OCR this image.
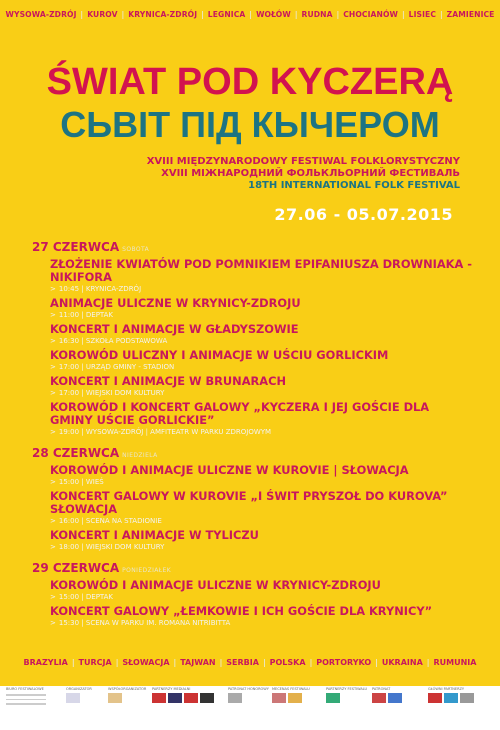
WYSOWA-ZDRÓJ | KUROV | KRYNICA-ZDRÓJ | LEGNICA | WOŁÓW | RUDNA | CHOCIANÓW | LISIEC | ZAMIENICE
ŚWIAT POD KYCZERĄ
СЬВІТ ПІД КЫЧЕРОМ
XVIII MIĘDZYNARODOWY FESTIWAL FOLKLORYSTYCZNY
XVIII МІЖНАРОДНИЙ ФОЛЬКЛЬОРНИЙ ФЕСТИВАЛЬ
18TH INTERNATIONAL FOLK FESTIVAL
27.06 - 05.07.2015
27 CZERWCA SOBOTA
ZŁOŻENIE KWIATÓW POD POMNIKIEM EPIFANIUSZA DROWNIAKA - NIKIFORA
> 10:45 | KRYNICA-ZDRÓJ
ANIMACJE ULICZNE W KRYNICY-ZDROJU
> 11:00 | DEPTAK
KONCERT I ANIMACJE W GŁADYSZOWIE
> 16:30 | SZKOŁA PODSTAWOWA
KOROWÓD ULICZNY I ANIMACJE W UŚCIU GORLICKIM
> 17:00 | URZĄD GMINY - STADION
KONCERT I ANIMACJE W BRUNARACH
> 17:00 | WIEJSKI DOM KULTURY
KOROWÓD I KONCERT GALOWY „KYCZERA I JEJ GOŚCIE DLA GMINY UŚCIE GORLICKIE”
> 19:00 | WYSOWA-ZDRÓJ | AMFITEATR W PARKU ZDROJOWYM
28 CZERWCA NIEDZIELA
KOROWÓD I ANIMACJE ULICZNE W KUROVIE | SŁOWACJA
> 15:00 | WIEŚ
KONCERT GALOWY W KUROVIE „I ŚWIT PRYSZOŁ DO KUROVA” SŁOWACJA
> 16:00 | SCENA NA STADIONIE
KONCERT I ANIMACJE W TYLICZU
> 18:00 | WIEJSKI DOM KULTURY
29 CZERWCA PONIEDZIAŁEK
KOROWÓD I ANIMACJE ULICZNE W KRYNICY-ZDROJU
> 15:00 | DEPTAK
KONCERT GALOWY „ŁEMKOWIE I ICH GOŚCIE DLA KRYNICY”
> 15:30 | SCENA W PARKU IM. ROMANA NITRIBITTA
BRAZYLIA | TURCJA | SŁOWACJA | TAJWAN | SERBIA | POLSKA | PORTORYKO | UKRAINA | RUMUNIA
BIURO FESTIWALOWE	ORGANIZATOR	WSPÓŁORGANIZATOR	PARTNERZY MEDIALNI	PATRONAT HONOROWY MECENAS FESTIWALU	PARTNERZY FESTIWALU PATRONAT	GŁÓWNI PARTNERZY
